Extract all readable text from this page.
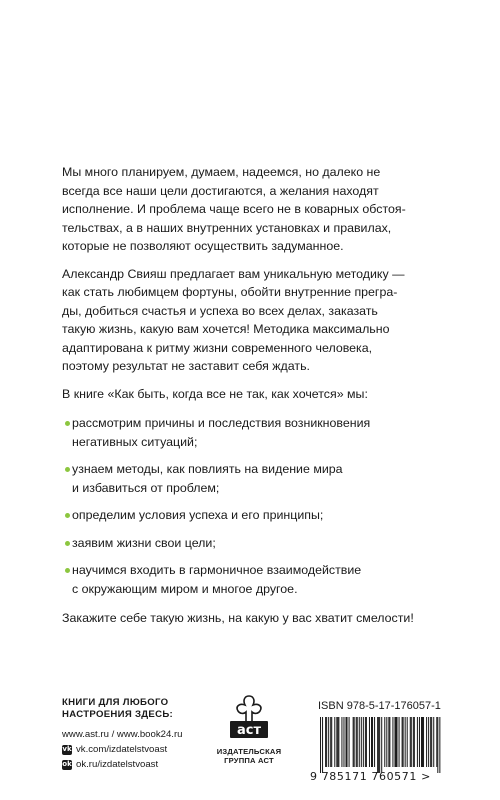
Мы много планируем, думаем, надеемся, но далеко не
всегда все наши цели достигаются, а желания находят
исполнение. И проблема чаще всего не в коварных обстоя-
тельствах, а в наших внутренних установках и правилах,
которые не позволяют осуществить задуманное.

Александр Свияш предлагает вам уникальную методику —
как стать любимцем фортуны, обойти внутренние прегра-
ды, добиться счастья и успеха во всех делах, заказать
такую жизнь, какую вам хочется! Методика максимально
адаптирована к ритму жизни современного человека,
поэтому результат не заставит себя ждать.

В книге «Как быть, когда все не так, как хочется» мы:

рассмотрим причины и последствия возникновения
негативных ситуаций;
узнаем методы, как повлиять на видение мира
и избавиться от проблем;
определим условия успеха и его принципы;
заявим жизни свои цели;
научимся входить в гармоничное взаимодействие
с окружающим миром и многое другое.

Закажите себе такую жизнь, на какую у вас хватит смелости!

КНИГИ ДЛЯ ЛЮБОГО
НАСТРОЕНИЯ ЗДЕСЬ:
www.ast.ru / www.book24.ru
vk vk.com/izdatelstvoast
ok ok.ru/izdatelstvoast
аст
ИЗДАТЕЛЬСКАЯ
ГРУППА АСТ
ISBN 978-5-17-176057-1
9 785171 760571 >
